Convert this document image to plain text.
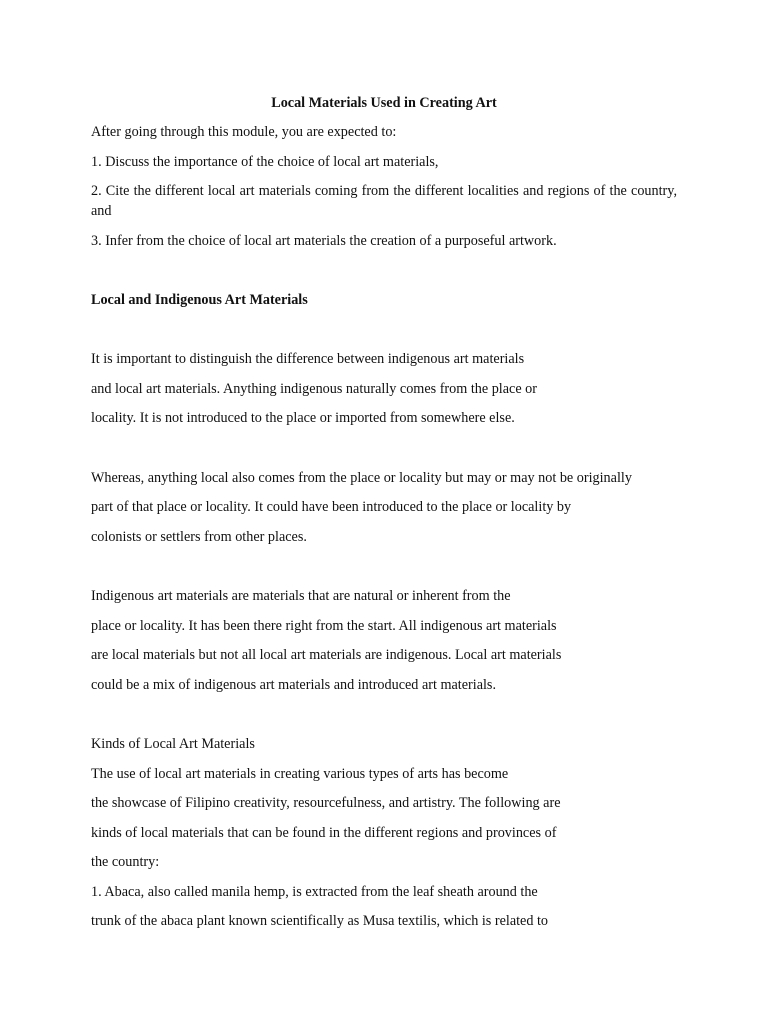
Local Materials Used in Creating Art
After going through this module, you are expected to:
1. Discuss the importance of the choice of local art materials,
2. Cite the different local art materials coming from the different localities and regions of the country, and
3. Infer from the choice of local art materials the creation of a purposeful artwork.
Local and Indigenous Art Materials
It is important to distinguish the difference between indigenous art materials
and local art materials. Anything indigenous naturally comes from the place or
locality. It is not introduced to the place or imported from somewhere else.
Whereas, anything local also comes from the place or locality but may or may not be originally
part of that place or locality. It could have been introduced to the place or locality by
colonists or settlers from other places.
Indigenous art materials are materials that are natural or inherent from the
place or locality. It has been there right from the start. All indigenous art materials
are local materials but not all local art materials are indigenous. Local art materials
could be a mix of indigenous art materials and introduced art materials.
Kinds of Local Art Materials
The use of local art materials in creating various types of arts has become
the showcase of Filipino creativity, resourcefulness, and artistry. The following are
kinds of local materials that can be found in the different regions and provinces of
the country:
1. Abaca, also called manila hemp, is extracted from the leaf sheath around the
trunk of the abaca plant known scientifically as Musa textilis, which is related to
